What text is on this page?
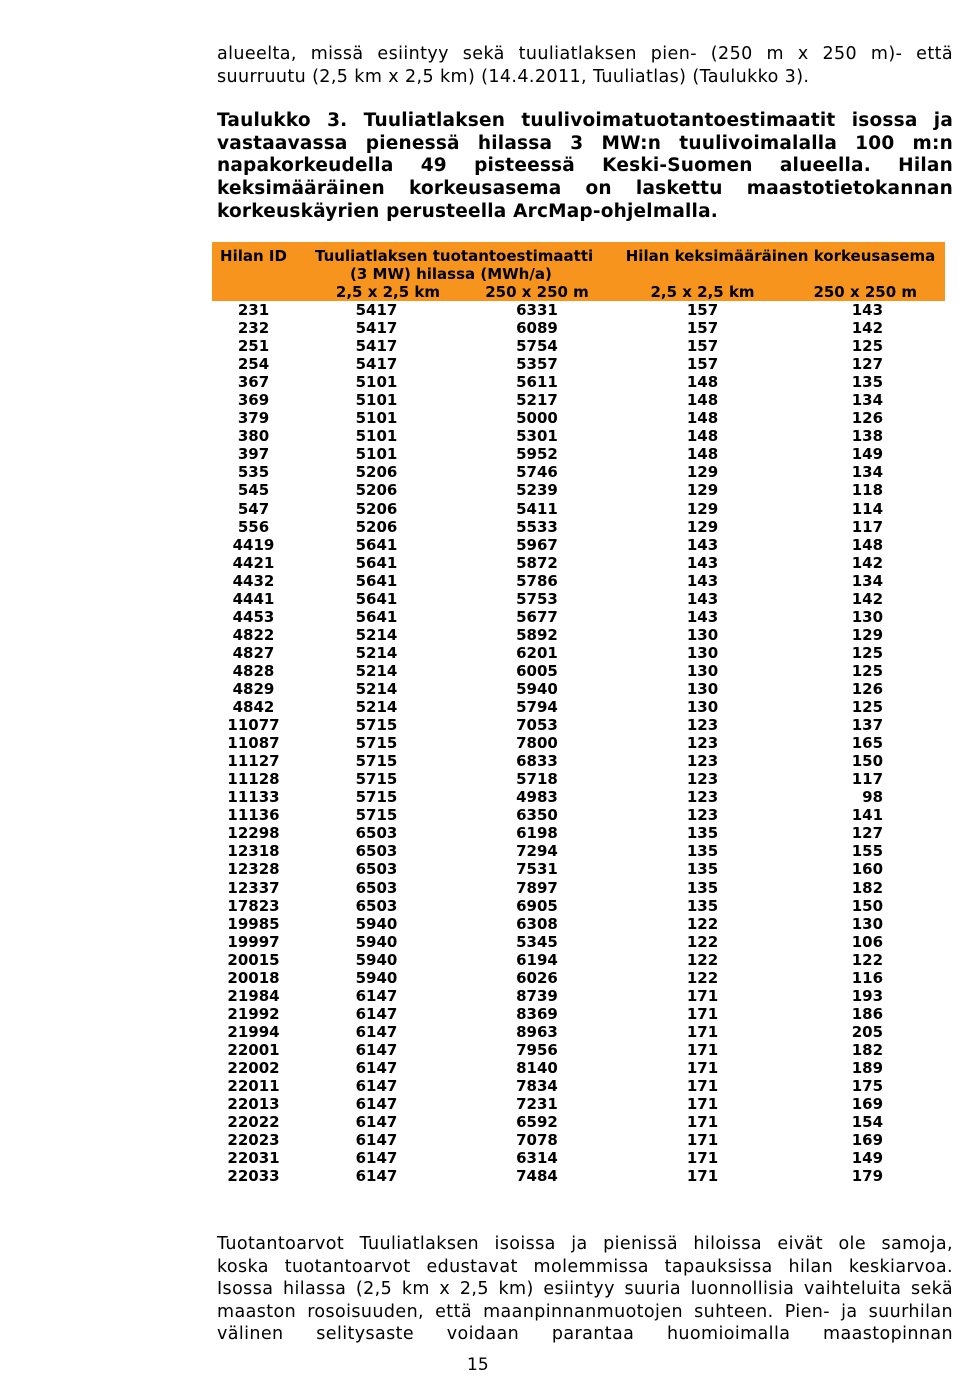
alueelta, missä esiintyy sekä tuuliatlaksen pien- (250 m x 250 m)- että
suurruutu (2,5 km x 2,5 km) (14.4.2011, Tuuliatlas) (Taulukko 3).
Taulukko 3. Tuuliatlaksen tuulivoimatuotantoestimaatit isossa ja
vastaavassa pienessä hilassa 3 MW:n tuulivoimalalla 100 m:n
napakorkeudella 49 pisteessä Keski-Suomen alueella. Hilan
keksimääräinen korkeusasema on laskettu maastotietokannan
korkeuskäyrien perusteella ArcMap-ohjelmalla.
Hilan ID	Tuuliatlaksen tuotantoestimaatti		Hilan keksimääräinen korkeusasema	
	(3 MW) hilassa (MWh/a)			
	2,5 x 2,5 km	250 x 250 m	2,5 x 2,5 km	250 x 250 m
231	5417	6331	157	143
232	5417	6089	157	142
251	5417	5754	157	125
254	5417	5357	157	127
367	5101	5611	148	135
369	5101	5217	148	134
379	5101	5000	148	126
380	5101	5301	148	138
397	5101	5952	148	149
535	5206	5746	129	134
545	5206	5239	129	118
547	5206	5411	129	114
556	5206	5533	129	117
4419	5641	5967	143	148
4421	5641	5872	143	142
4432	5641	5786	143	134
4441	5641	5753	143	142
4453	5641	5677	143	130
4822	5214	5892	130	129
4827	5214	6201	130	125
4828	5214	6005	130	125
4829	5214	5940	130	126
4842	5214	5794	130	125
11077	5715	7053	123	137
11087	5715	7800	123	165
11127	5715	6833	123	150
11128	5715	5718	123	117
11133	5715	4983	123	98
11136	5715	6350	123	141
12298	6503	6198	135	127
12318	6503	7294	135	155
12328	6503	7531	135	160
12337	6503	7897	135	182
17823	6503	6905	135	150
19985	5940	6308	122	130
19997	5940	5345	122	106
20015	5940	6194	122	122
20018	5940	6026	122	116
21984	6147	8739	171	193
21992	6147	8369	171	186
21994	6147	8963	171	205
22001	6147	7956	171	182
22002	6147	8140	171	189
22011	6147	7834	171	175
22013	6147	7231	171	169
22022	6147	6592	171	154
22023	6147	7078	171	169
22031	6147	6314	171	149
22033	6147	7484	171	179
Tuotantoarvot Tuuliatlaksen isoissa ja pienissä hiloissa eivät ole samoja,
koska tuotantoarvot edustavat molemmissa tapauksissa hilan keskiarvoa.
Isossa hilassa (2,5 km x 2,5 km) esiintyy suuria luonnollisia vaihteluita sekä
maaston rosoisuuden, että maanpinnanmuotojen suhteen. Pien- ja suurhilan
välinen selitysaste voidaan parantaa huomioimalla maastopinnan
15
